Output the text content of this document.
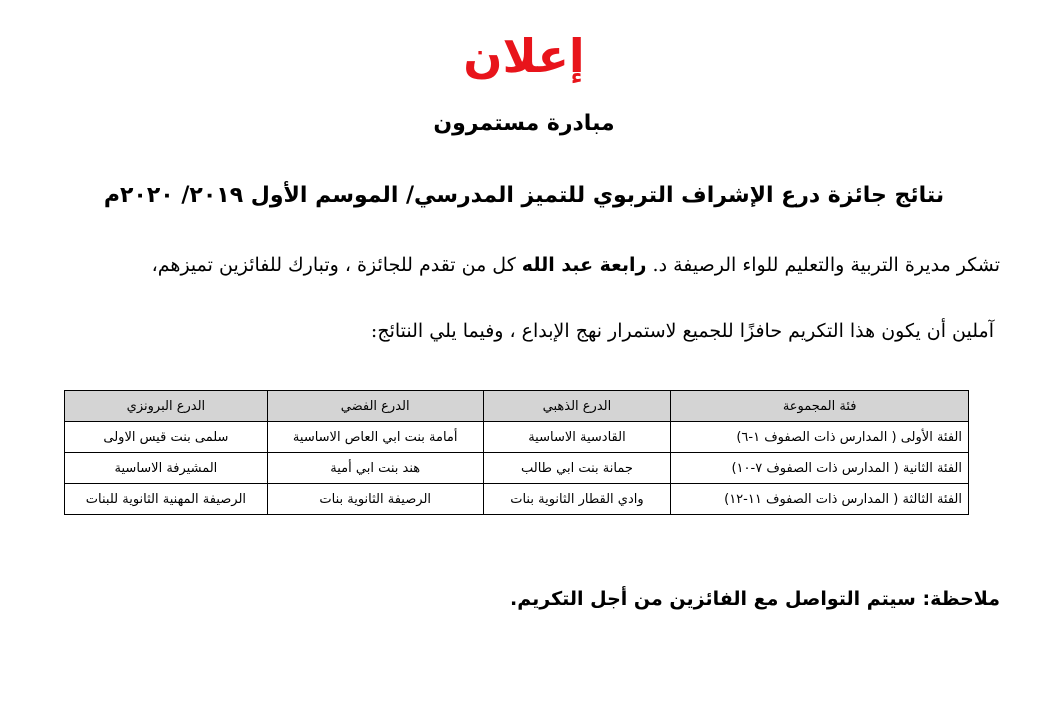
إعلان
مبادرة مستمرون
نتائج جائزة درع الإشراف التربوي للتميز المدرسي/ الموسم الأول ٢٠١٩/ ٢٠٢٠م
تشكر مديرة التربية والتعليم للواء الرصيفة د. رابعة عبد الله كل من تقدم للجائزة ، وتبارك للفائزين تميزهم،
آملين أن يكون هذا التكريم حافزًا للجميع لاستمرار نهج الإبداع ، وفيما يلي النتائج:
فئة المجموعة	الدرع الذهبي	الدرع الفضي	الدرع البرونزي
الفئة الأولى ( المدارس ذات الصفوف ١-٦)	القادسية الاساسية	أمامة بنت ابي العاص الاساسية	سلمى بنت قيس الاولى
الفئة الثانية ( المدارس ذات الصفوف ٧-١٠)	جمانة بنت ابي طالب	هند بنت ابي أمية	المشيرفة الاساسية
الفئة الثالثة ( المدارس ذات الصفوف ١١-١٢)	وادي القطار الثانوية بنات	الرصيفة الثانوية بنات	الرصيفة المهنية الثانوية للبنات
ملاحظة: سيتم التواصل مع الفائزين من أجل التكريم.
